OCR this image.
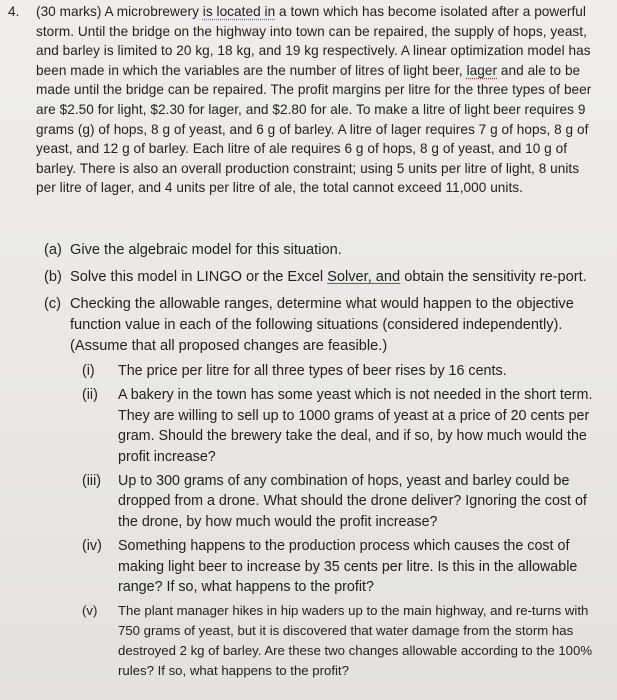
4. (30 marks) A microbrewery is located in a town which has become isolated after a powerful storm. Until the bridge on the highway into town can be repaired, the supply of hops, yeast, and barley is limited to 20 kg, 18 kg, and 19 kg respectively. A linear optimization model has been made in which the variables are the number of litres of light beer, lager and ale to be made until the bridge can be repaired. The profit margins per litre for the three types of beer are $2.50 for light, $2.30 for lager, and $2.80 for ale. To make a litre of light beer requires 9 grams (g) of hops, 8 g of yeast, and 6 g of barley. A litre of lager requires 7 g of hops, 8 g of yeast, and 12 g of barley. Each litre of ale requires 6 g of hops, 8 g of yeast, and 10 g of barley. There is also an overall production constraint; using 5 units per litre of light, 8 units per litre of lager, and 4 units per litre of ale, the total cannot exceed 11,000 units.
(a) Give the algebraic model for this situation.
(b) Solve this model in LINGO or the Excel Solver, and obtain the sensitivity re-port.
(c) Checking the allowable ranges, determine what would happen to the objective function value in each of the following situations (considered independently). (Assume that all proposed changes are feasible.)
(i)	The price per litre for all three types of beer rises by 16 cents.
(ii)	A bakery in the town has some yeast which is not needed in the short term. They are willing to sell up to 1000 grams of yeast at a price of 20 cents per gram. Should the brewery take the deal, and if so, by how much would the profit increase?
(iii)	Up to 300 grams of any combination of hops, yeast and barley could be dropped from a drone. What should the drone deliver? Ignoring the cost of the drone, by how much would the profit increase?
(iv)	Something happens to the production process which causes the cost of making light beer to increase by 35 cents per litre. Is this in the allowable range? If so, what happens to the profit?
(v)	The plant manager hikes in hip waders up to the main highway, and re-turns with 750 grams of yeast, but it is discovered that water damage from the storm has destroyed 2 kg of barley. Are these two changes allowable according to the 100% rules? If so, what happens to the profit?
